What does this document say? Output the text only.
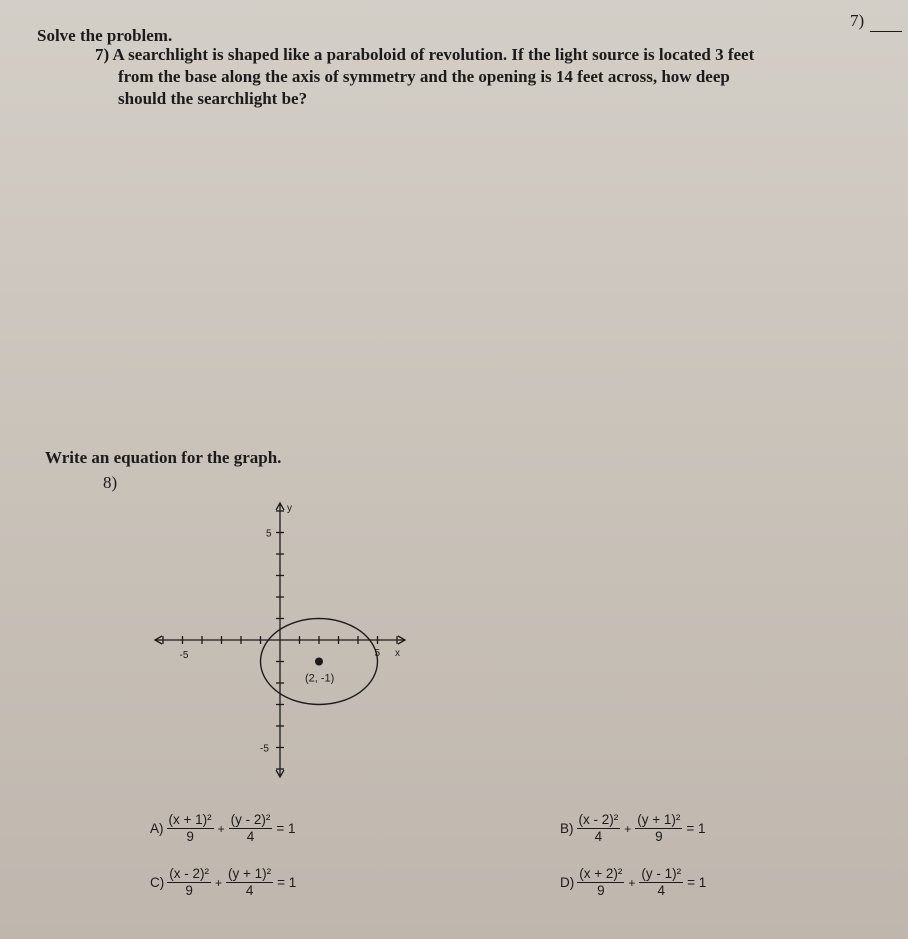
Solve the problem.
7)
7) A searchlight is shaped like a paraboloid of revolution. If the light source is located 3 feet
from the base along the axis of symmetry and the opening is 14 feet across, how deep
should the searchlight be?
Write an equation for the graph.
8)
(2, -1)
x
y
-5	5
5
-5
$A) \frac{\text{(x + 1)²}}{9} + \frac{\text{(y - 2)²}}{4} = 1$	$B) \frac{\text{(x - 2)²}}{4} + \frac{\text{(y + 1)²}}{9} = 1$
$C) \frac{\text{(x - 2)²}}{9} + \frac{\text{(y + 1)²}}{4} = 1$	$D) \frac{\text{(x + 2)²}}{9} + \frac{\text{(y - 1)²}}{4} = 1$
